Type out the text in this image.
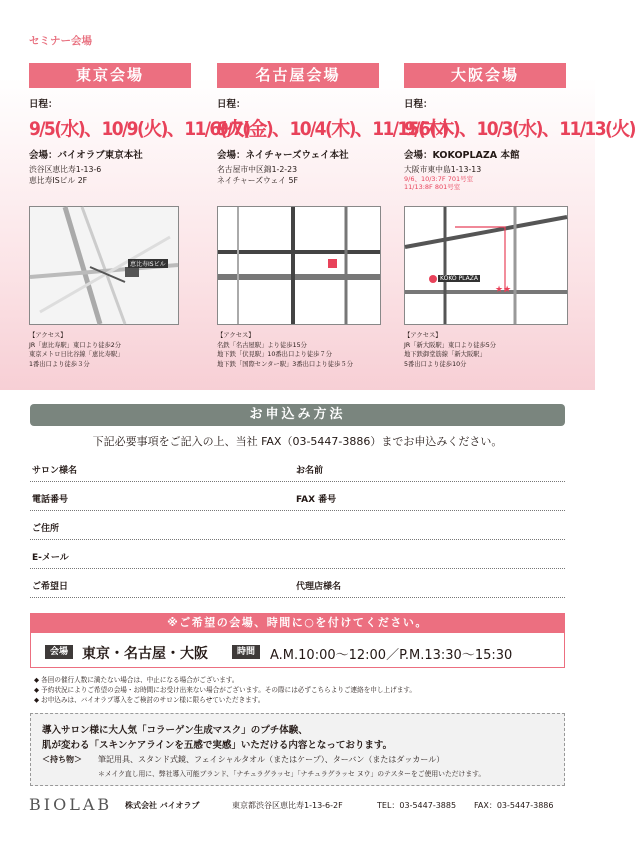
セミナー会場
東京会場
日程：
9/5(水)、10/9(火)、11/6(火)
会場：バイオラブ東京本社
渋谷区恵比寿1-13-6
恵比寿ISビル 2F
恵比寿ISビル
【アクセス】
JR「恵比寿駅」東口より徒歩2分
東京メトロ日比谷線「恵比寿駅」
1番出口より徒歩３分
名古屋会場
日程：
9/7(金)、10/4(木)、11/15(木)
会場：ネイチャーズウェイ本社
名古屋市中区錦1-2-23
ネイチャーズウェイ 5F
【アクセス】
名鉄「名古屋駅」より徒歩15分
地下鉄「伏見駅」10番出口より徒歩７分
地下鉄「国際センター駅」3番出口より徒歩５分
大阪会場
日程：
9/6(木)、10/3(水)、11/13(火)
会場：KOKOPLAZA 本館
大阪市東中島1-13-13
9/6、10/3:7F 701号室
11/13:8F 801号室
★★
KOKO PLAZA
【アクセス】
JR「新大阪駅」東口より徒歩5分
地下鉄御堂筋線「新大阪駅」
5番出口より徒歩10分
お申込み方法
下記必要事項をご記入の上、当社 FAX（03-5447-3886）までお申込みください。
サロン様名	お名前
電話番号	FAX 番号
ご住所
E-メール
ご希望日	代理店様名
※ご希望の会場、時間に○を付けてください。
会場 東京・名古屋・大阪	時間	A.M.10:00〜12:00／P.M.13:30〜15:30
◆ 各回の催行人数に満たない場合は、中止になる場合がございます。
◆ 予約状況によりご希望の会場・お時間にお受け出来ない場合がございます。その際には必ずこちらよりご連絡を申し上げます。
◆ お申込みは、バイオラブ導入をご検討のサロン様に限らせていただきます。
導入サロン様に大人気「コラーゲン生成マスク」のプチ体験、
肌が変わる「スキンケアラインを五感で実感」いただける内容となっております。
＜持ち物＞ 筆記用具、スタンド式鏡、フェイシャルタオル（またはケープ）、ターバン（またはダッカール）
＊メイク直し用に、弊社導入可能ブランド、「ナチュラグラッセ」「ナチュラグラッセ ヌウ」のテスターをご使用いただけます。
BIOLAB 株式会社 バイオラブ	東京都渋谷区恵比寿1-13-6-2F	TEL：03-5447-3885 FAX：03-5447-3886
